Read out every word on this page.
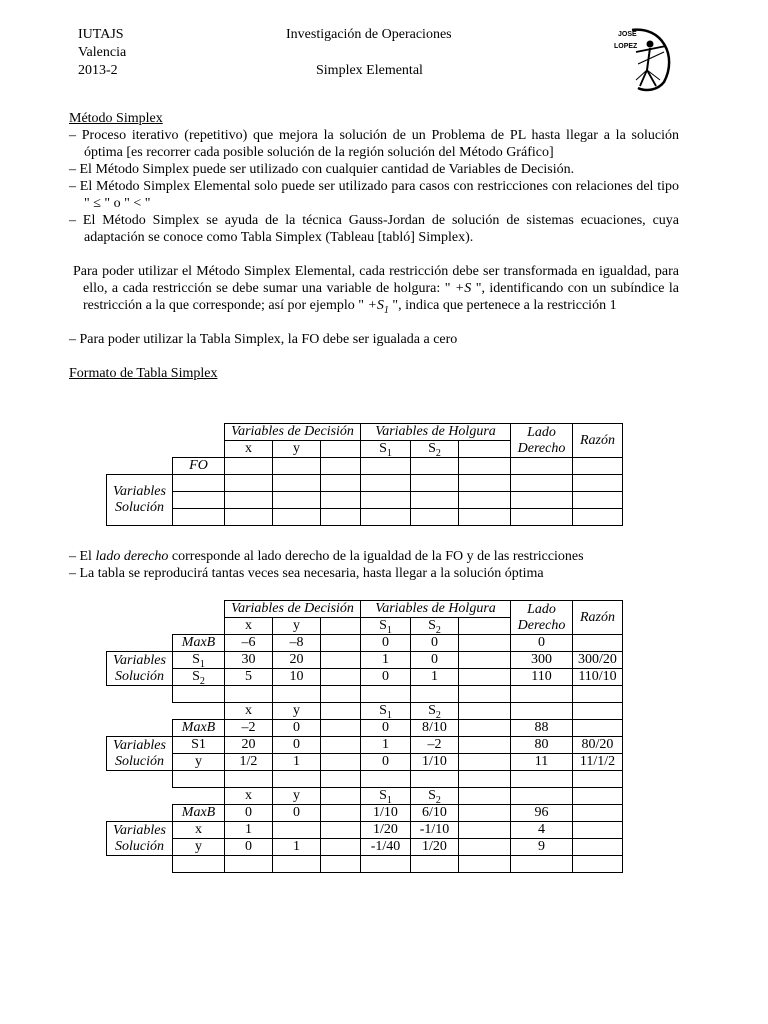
IUTAJS
Valencia
2013-2
Investigación de Operaciones
Simplex Elemental
JOSE
LOPEZ

Método Simplex

– Proceso iterativo (repetitivo) que mejora la solución de un Problema de PL hasta llegar a la solución óptima [es recorrer cada posible solución de la región solución del Método Gráfico]

– El Método Simplex puede ser utilizado con cualquier cantidad de Variables de Decisión.

– El Método Simplex Elemental solo puede ser utilizado para casos con restricciones con relaciones del tipo " ≤ " o " < "

– El Método Simplex se ayuda de la técnica Gauss-Jordan de solución de sistemas ecuaciones, cuya adaptación se conoce como Tabla Simplex (Tableau [tabló] Simplex).

Para poder utilizar el Método Simplex Elemental, cada restricción debe ser transformada en igualdad, para ello, a cada restricción se debe sumar una variable de holgura: " +S ", identificando con un subíndice la restricción a la que corresponde; así por ejemplo " $+S_1$ ", indica que pertenece a la restricción 1

– Para poder utilizar la Tabla Simplex, la FO debe ser igualada a cero

Formato de Tabla Simplex

		Variables de Decisión			Variables de Holgura			Lado
Derecho	Razón
		x	y		$S_1$	$S_2$	
	FO								
Variables
Solución									

– El lado derecho corresponde al lado derecho de la igualdad de la FO y de las restricciones

– La tabla se reproducirá tantas veces sea necesaria, hasta llegar a la solución óptima

		Variables de Decisión			Variables de Holgura			Lado
Derecho	Razón
		x	y		$S_1$	$S_2$	
	MaxB	–6	–8		0	0		0	
Variables
Solución	$S_1$	30	20		1	0		300	300/20
	$S_2$	5	10		0	1		110	110/10

		x	y		$S_1$	$S_2$			
	MaxB	–2	0		0	8/10		88	
Variables
Solución	S1	20	0		1	–2		80	80/20
	y	1/2	1		0	1/10		11	11/1/2

		x	y		$S_1$	$S_2$			
	MaxB	0	0		1/10	6/10		96	
Variables
Solución	x	1			1/20	-1/10		4	
	y	0	1		-1/40	1/20		9	
